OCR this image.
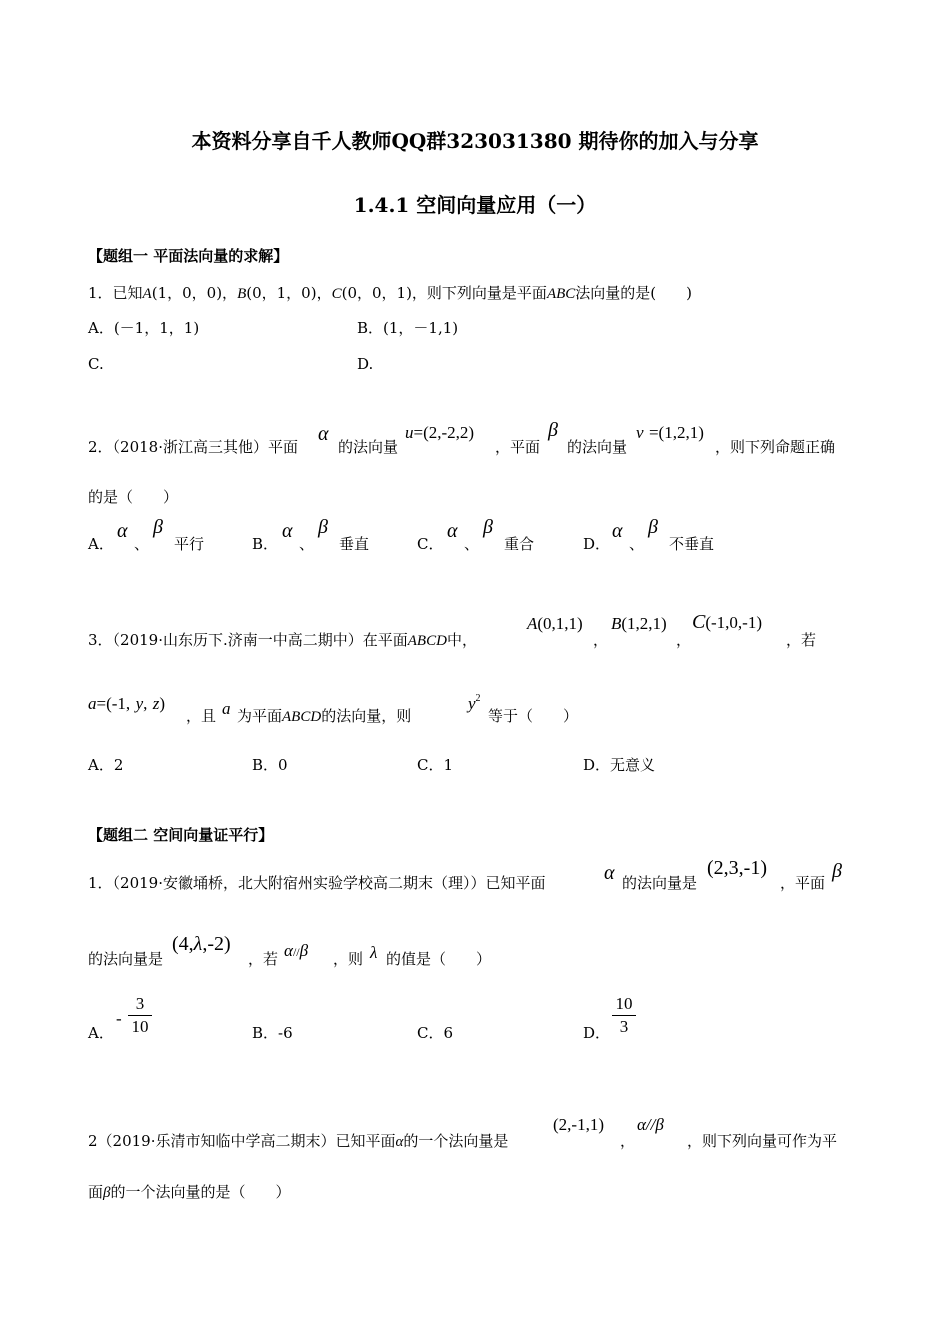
本资料分享自千人教师QQ群323031380 期待你的加入与分享
1.4.1 空间向量应用（一）
【题组一 平面法向量的求解】
1．已知A(1，0，0)，B(0，1，0)，C(0，0，1)，则下列向量是平面ABC法向量的是(　　)
A．(－1，1，1)	B．(1，－1,1)
C.	D.
2．（2018·浙江高三其他）平面
α
的法向量
u=(2,‑2,2)
，平面
β
的法向量
v =(1,2,1)
，则下列命题正确
的是（　　）
A．
α
、
β
平行	B．
α
、
β
垂直	C．
α
、
β
重合	D．
α
、
β
不垂直
3．（2019·山东历下.济南一中高二期中）在平面ABCD中，
A(0,1,1)
，
B(1,2,1)
，
C(‑1,0,‑1)
，若
a=(‑1, y, z)
，且 a 为平面ABCD的法向量，则
$y^2$
等于（　　）
A．2	B．0	C．1	D．无意义
【题组二 空间向量证平行】
1．（2019·安徽埇桥，北大附宿州实验学校高二期末（理））已知平面	α 的法向量是
(2,3,‑1)
，平面
β
的法向量是
(4,λ,‑2)
，若 α//β ，则 λ 的值是（　　）
A．
‑
3
10	B．-6	C．6	D．
10
3
2（2019·乐清市知临中学高二期末）已知平面α的一个法向量是
(2,‑1,1)
，
α//β
，则下列向量可作为平
面β的一个法向量的是（　　）
